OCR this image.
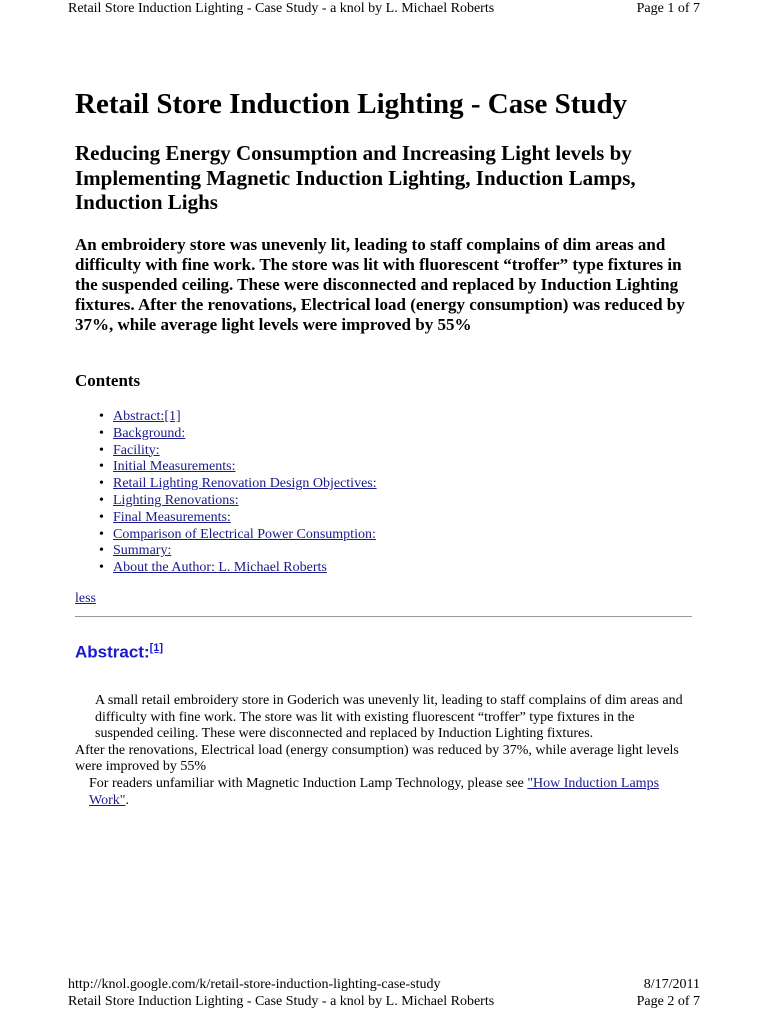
Retail Store Induction Lighting - Case Study - a knol by L. Michael Roberts	Page 1 of 7
Retail Store Induction Lighting - Case Study
Reducing Energy Consumption and Increasing Light levels by Implementing Magnetic Induction Lighting, Induction Lamps, Induction Lighs

An embroidery store was unevenly lit, leading to staff complains of dim areas and difficulty with fine work. The store was lit with fluorescent “troffer” type fixtures in the suspended ceiling. These were disconnected and replaced by Induction Lighting fixtures. After the renovations, Electrical load (energy consumption) was reduced by 37%, while average light levels were improved by 55%

Contents
• Abstract:[1]
• Background:
• Facility:
• Initial Measurements:
• Retail Lighting Renovation Design Objectives:
• Lighting Renovations:
• Final Measurements:
• Comparison of Electrical Power Consumption:
• Summary:
• About the Author: L. Michael Roberts
less
Abstract:[1]
A small retail embroidery store in Goderich was unevenly lit, leading to staff complains of dim areas and difficulty with fine work. The store was lit with existing fluorescent “troffer” type fixtures in the suspended ceiling. These were disconnected and replaced by Induction Lighting fixtures.
After the renovations, Electrical load (energy consumption) was reduced by 37%, while average light levels were improved by 55%
For readers unfamiliar with Magnetic Induction Lamp Technology, please see "How Induction Lamps Work".
http://knol.google.com/k/retail-store-induction-lighting-case-study	8/17/2011
Retail Store Induction Lighting - Case Study - a knol by L. Michael Roberts	Page 2 of 7
